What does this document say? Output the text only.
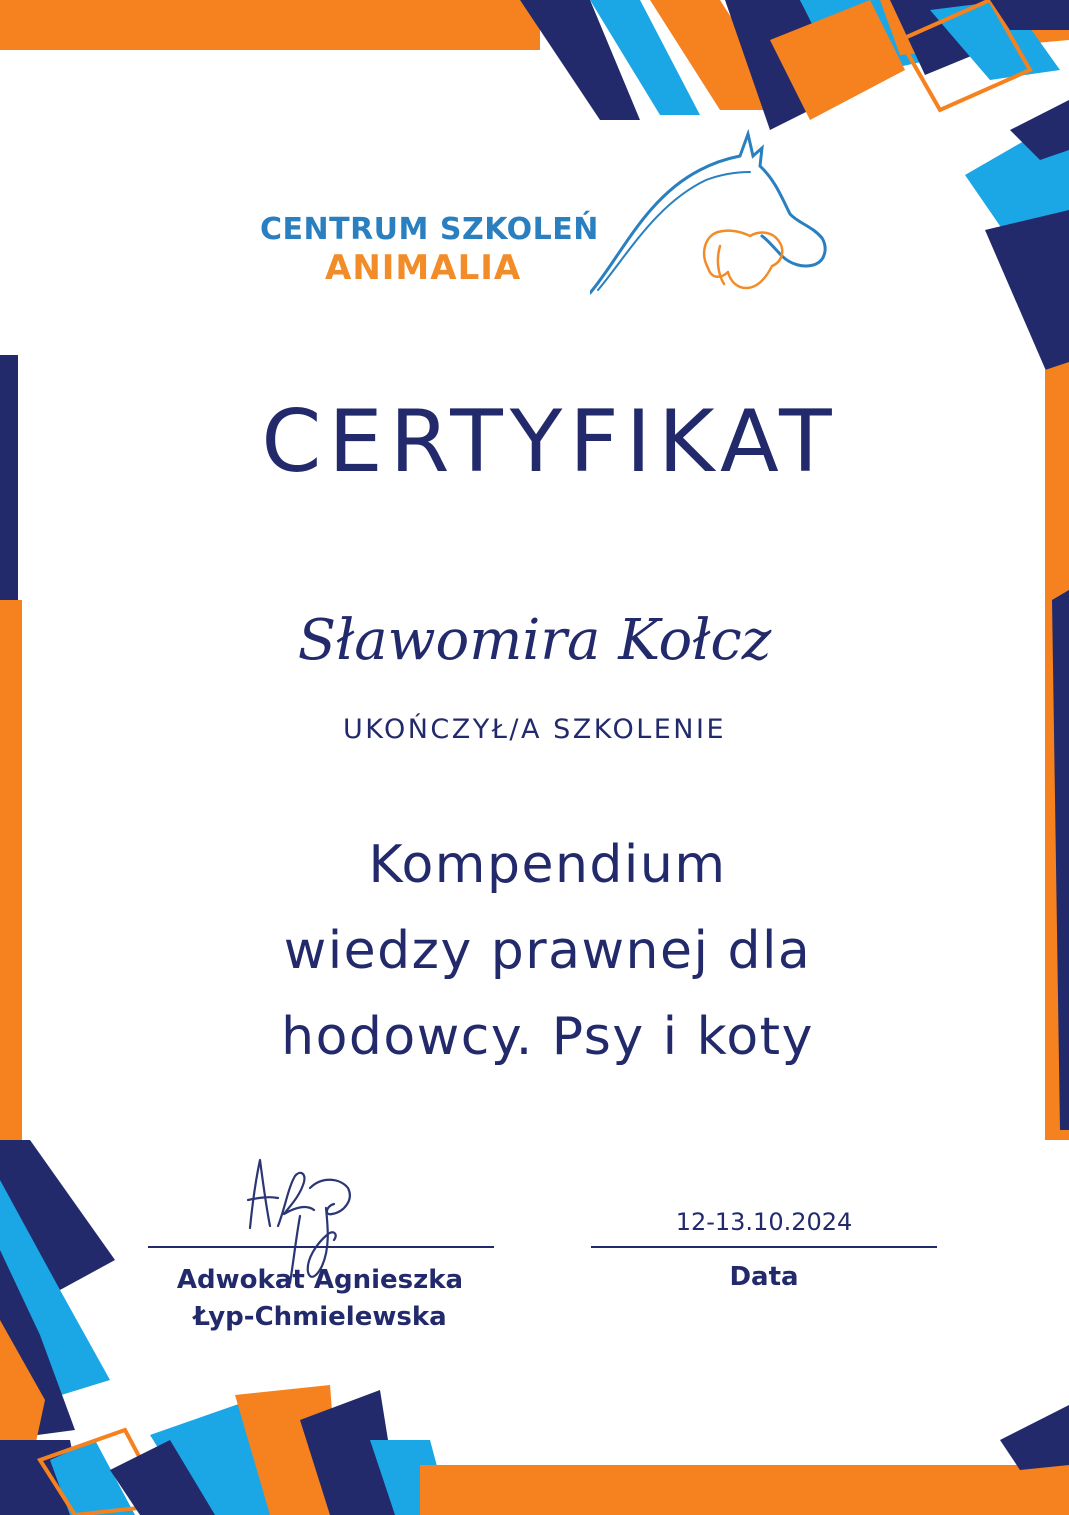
CENTRUM SZKOLEŃ
ANIMALIA
CERTYFIKAT
Sławomira Kołcz
UKOŃCZYŁ/A SZKOLENIE
Kompendium
wiedzy prawnej dla
hodowcy. Psy i koty
Adwokat Agnieszka
Łyp-Chmielewska
12-13.10.2024
Data
